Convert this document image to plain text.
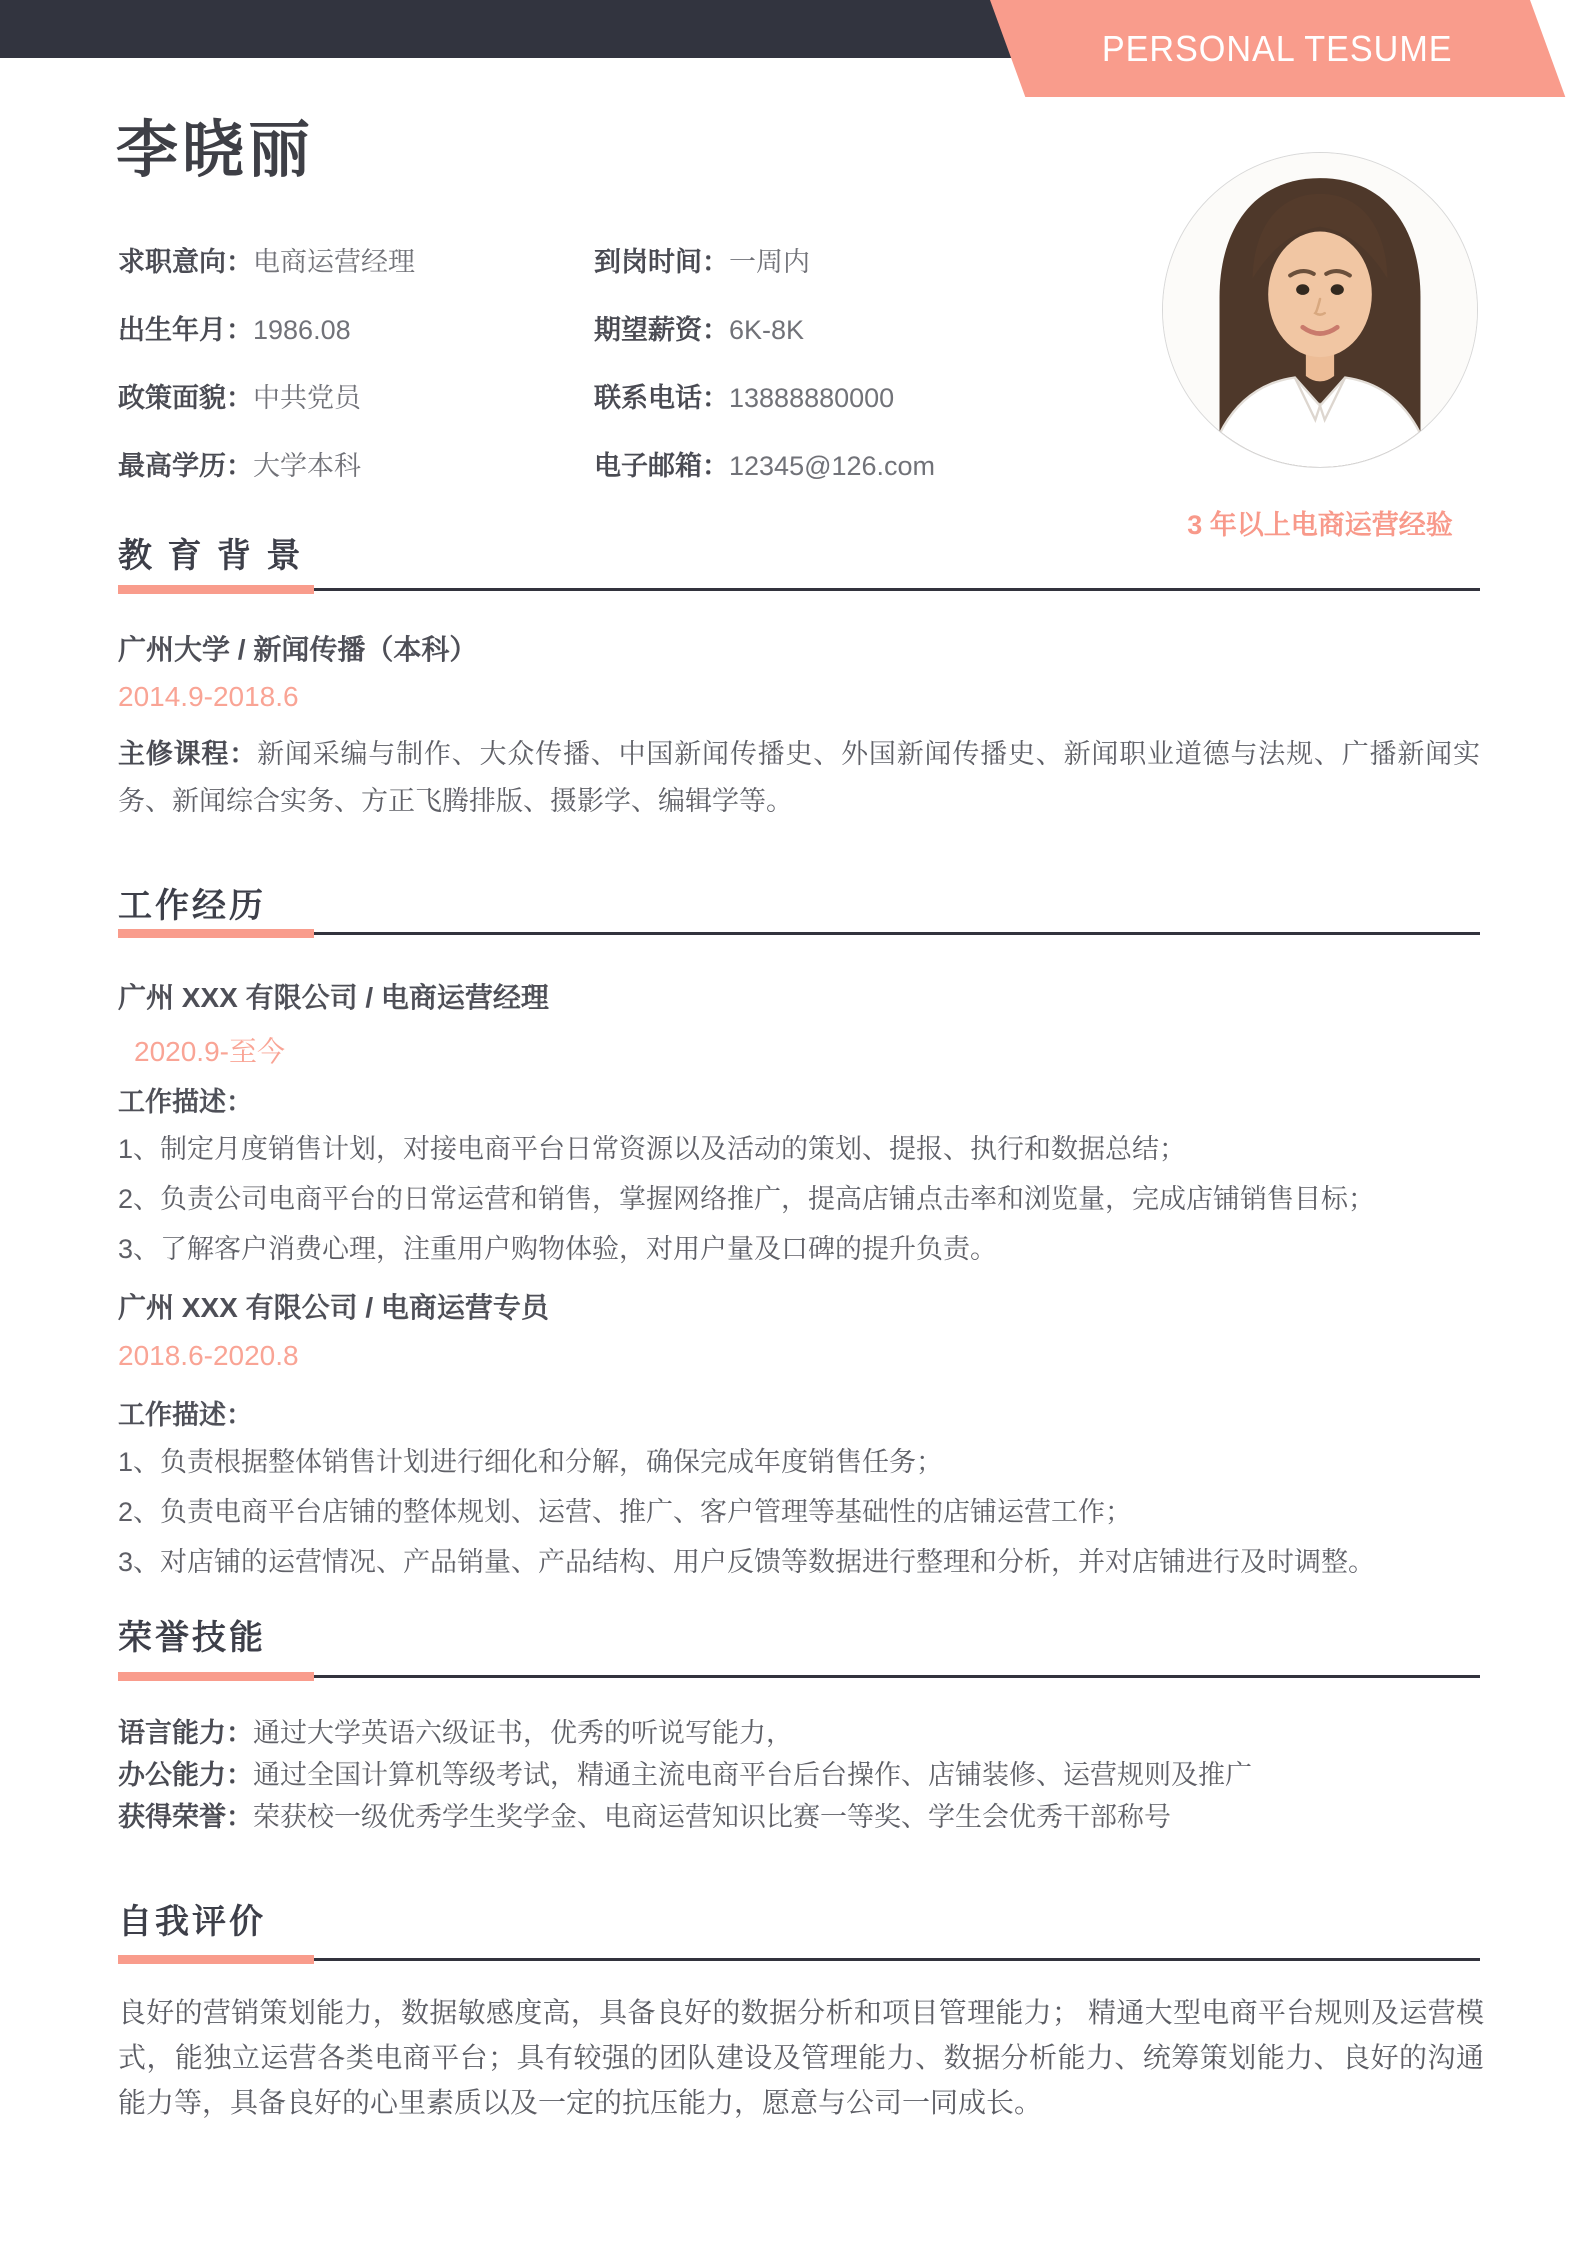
PERSONAL TESUME
李晓丽
求职意向：电商运营经理	到岗时间：一周内
出生年月：1986.08	期望薪资：6K-8K
政策面貌：中共党员	联系电话：13888880000
最高学历：大学本科	电子邮箱：12345@126.com
3 年以上电商运营经验
教 育 背 景
广州大学 / 新闻传播（本科）
2014.9-2018.6
主修课程：新闻采编与制作、大众传播、中国新闻传播史、外国新闻传播史、新闻职业道德与法规、广播新闻实务、新闻综合实务、方正飞腾排版、摄影学、编辑学等。
工作经历
广州 XXX 有限公司 / 电商运营经理
2020.9-至今
工作描述：
1、制定月度销售计划，对接电商平台日常资源以及活动的策划、提报、执行和数据总结；
2、负责公司电商平台的日常运营和销售，掌握网络推广，提高店铺点击率和浏览量，完成店铺销售目标；
3、了解客户消费心理，注重用户购物体验，对用户量及口碑的提升负责。
广州 XXX 有限公司 / 电商运营专员
2018.6-2020.8
工作描述：
1、负责根据整体销售计划进行细化和分解，确保完成年度销售任务；
2、负责电商平台店铺的整体规划、运营、推广、客户管理等基础性的店铺运营工作；
3、对店铺的运营情况、产品销量、产品结构、用户反馈等数据进行整理和分析，并对店铺进行及时调整。
荣誉技能
语言能力：通过大学英语六级证书，优秀的听说写能力，
办公能力：通过全国计算机等级考试，精通主流电商平台后台操作、店铺装修、运营规则及推广
获得荣誉：荣获校一级优秀学生奖学金、电商运营知识比赛一等奖、学生会优秀干部称号
自我评价
良好的营销策划能力，数据敏感度高，具备良好的数据分析和项目管理能力； 精通大型电商平台规则及运营模式，能独立运营各类电商平台；具有较强的团队建设及管理能力、数据分析能力、统筹策划能力、良好的沟通能力等，具备良好的心里素质以及一定的抗压能力，愿意与公司一同成长。
